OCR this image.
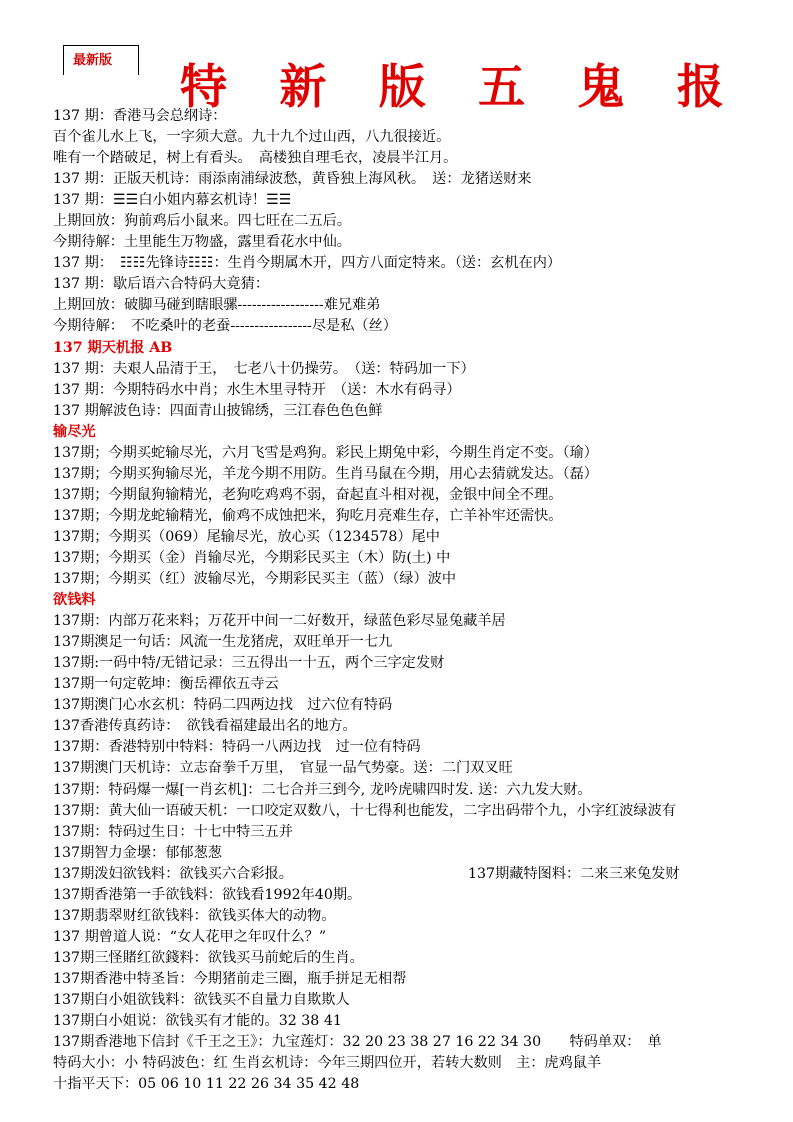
最新版	特 新 版 五 鬼 报
137 期：香港马会总纲诗：
百个雀儿水上飞，一字须大意。九十九个过山西，八九很接近。
唯有一个踏破足，树上有看头。　高楼独自理毛衣，凌晨半江月。
137 期：正版天机诗：雨添南浦绿波愁，黄昏独上海风秋。　送：龙猪送财来
137 期：☰☰白小姐内幕玄机诗！☰☰
上期回放：狗前鸡后小鼠来。四七旺在二五后。
今期待解：土里能生万物盛，露里看花水中仙。
137 期：　☷☷先锋诗☷☷：生肖今期属木开，四方八面定特来。（送：玄机在内）
137 期：歇后语六合特码大竟猜：
上期回放：破脚马碰到瞎眼骡------------------难兄难弟
今期待解：　不吃桑叶的老蚕-----------------尽是私（丝）
137 期天机报 AB
137 期：夫艰人品清于王，　七老八十仍操劳。　（送：特码加一下）
137 期：今期特码水中肖；水生木里寻特开　（送：木水有码寻）
137 期解波色诗：四面青山披锦绣，三江春色色色鲜
输尽光
137期；今期买蛇输尽光，六月飞雪是鸡狗。彩民上期兔中彩，今期生肖定不变。（瑜）
137期；今期买狗输尽光，羊龙今期不用防。生肖马鼠在今期，用心去猜就发达。（磊）
137期；今期鼠狗输精光，老狗吃鸡鸡不弱，奋起直斗相对视，金银中间全不理。
137期；今期龙蛇输精光，偷鸡不成蚀把米，狗吃月亮难生存，亡羊补牢还需快。
137期；今期买（069）尾输尽光，放心买（1234578）尾中
137期；今期买（金）肖输尽光，今期彩民买主（木）防(土) 中
137期；今期买（红）波输尽光，今期彩民买主（蓝）（绿）波中
欲钱料
137期：内部万花来料；万花开中间一二好数开，绿蓝色彩尽显兔藏羊居
137期澳足一句话：风流一生龙猪虎，双旺单开一七九
137期:一码中特/无错记录：三五得出一十五，两个三字定发财
137期一句定乾坤：衡岳禪依五寺云
137期澳门心水玄机：特码二四两边找　过六位有特码
137香港传真药诗：　欲钱看福建最出名的地方。
137期：香港特别中特料：特码一八两边找　过一位有特码
137期澳门天机诗：立志奋拳千万里，　官显一品气势豪。送：二门双叉旺
137期：特码爆一爆[一肖玄机]：二七合并三到今, 龙吟虎啸四时发. 送：六九发大财。
137期：黄大仙一语破天机：一口咬定双数八，十七得利也能发，二字出码带个九，小字红波绿波有
137期：特码过生日：十七中特三五并
137期智力金壜：郁郁葱葱
137期泼妇欲钱料：欲钱买六合彩报。	137期藏特图料：二来三来兔发财
137期香港第一手欲钱料：欲钱看1992年40期。
137期翡翠财红欲钱料：欲钱买体大的动物。
137 期曾道人说：“女人花甲之年叹什么？”
137期三怪賭红欲錢料：欲钱买马前蛇后的生肖。
137期香港中特圣旨：今期猪前走三圈，瓶手拼足无相帮
137期白小姐欲钱料：欲钱买不自量力自欺欺人
137期白小姐说：欲钱买有才能的。32 38 41
137期香港地下信封《千王之王》：九宝莲灯：32 20 23 38 27 16 22 34 30　　特码单双：　单
特码大小：小 特码波色：红 生肖玄机诗：今年三期四位开，若转大数则　主：虎鸡鼠羊
十指平天下：05 06 10 11 22 26 34 35 42 48
